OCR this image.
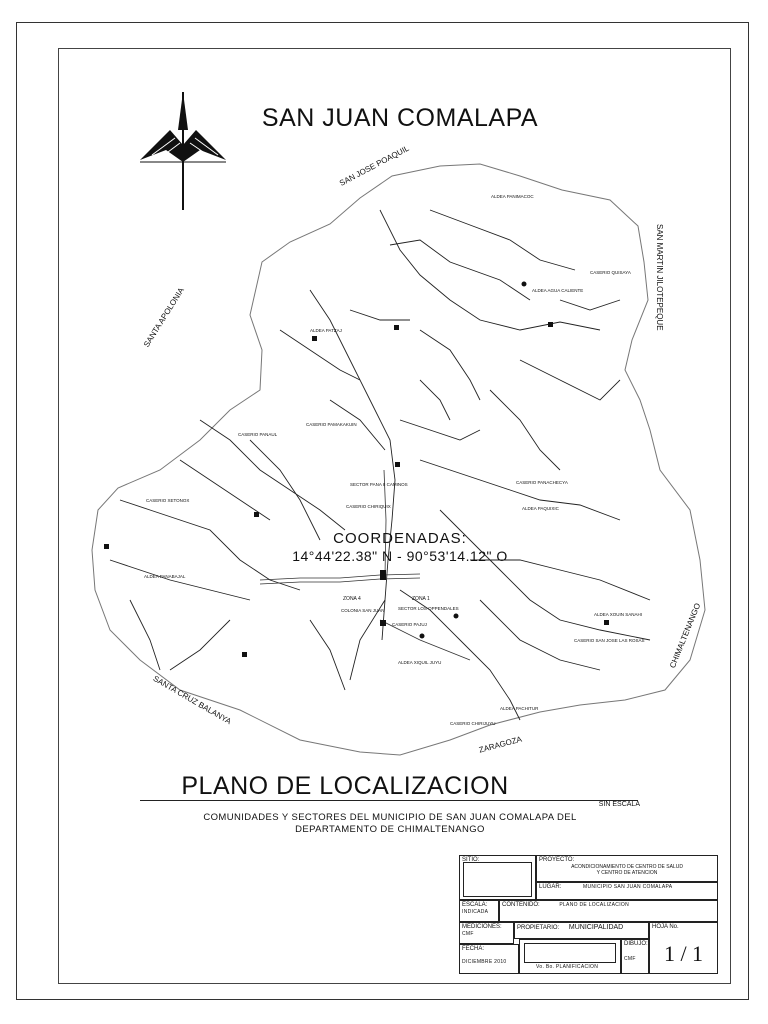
SAN JOSE POAQUIL
SAN MARTIN JILOTEPEQUE
SANTA APOLONIA
CHIMALTENANGO
SANTA CRUZ BALANYA
ZARAGOZA
ALDEA PANIMACOC
CASERIO QUISAYA
ALDEA AGUA CALIENTE
ALDEA PATZAJ
CASERIO PAMAKAKUIN
CASERIO PANACHECYA
ALDEA PAQUIXIC
CASERIO XETONOX
CASERIO PANAUL
ALDEA PANABAJAL
ZONA 4	ZONA 1
COLONIA SAN JUAN	SECTOR LOS OPPENDALES
CASERIO PAJUJ
ALDEA XOUIN SANAHI
CASERIO SAN JOSE LAS ROSAS
ALDEA XIQUIL JUYU
ALDEA PACHITUR
CASERIO CHIRIJUYU
SECTOR PANA 8 CAMINOS
CASERIO CHIRIQUIX
SAN JUAN COMALAPA
COORDENADAS:
14°44'22.38" N - 90°53'14.12" O
PLANO DE LOCALIZACION
SIN ESCALA
COMUNIDADES Y SECTORES DEL MUNICIPIO DE SAN JUAN COMALAPA DEL
DEPARTAMENTO DE CHIMALTENANGO
SITIO:	PROYECTO:
ACONDICIONAMIENTO DE CENTRO DE SALUD
Y CENTRO DE ATENCION
LUGAR:	MUNICIPIO SAN JUAN COMALAPA
ESCALA:
INDICADA
CONTENIDO:	PLANO DE LOCALIZACION
MEDICIONES:
CMF
PROPIETARIO: MUNICIPALIDAD	HOJA No.
1 / 1
FECHA:
DICIEMBRE 2010
Vo. Bo. PLANIFICACION
DIBUJO:
CMF
